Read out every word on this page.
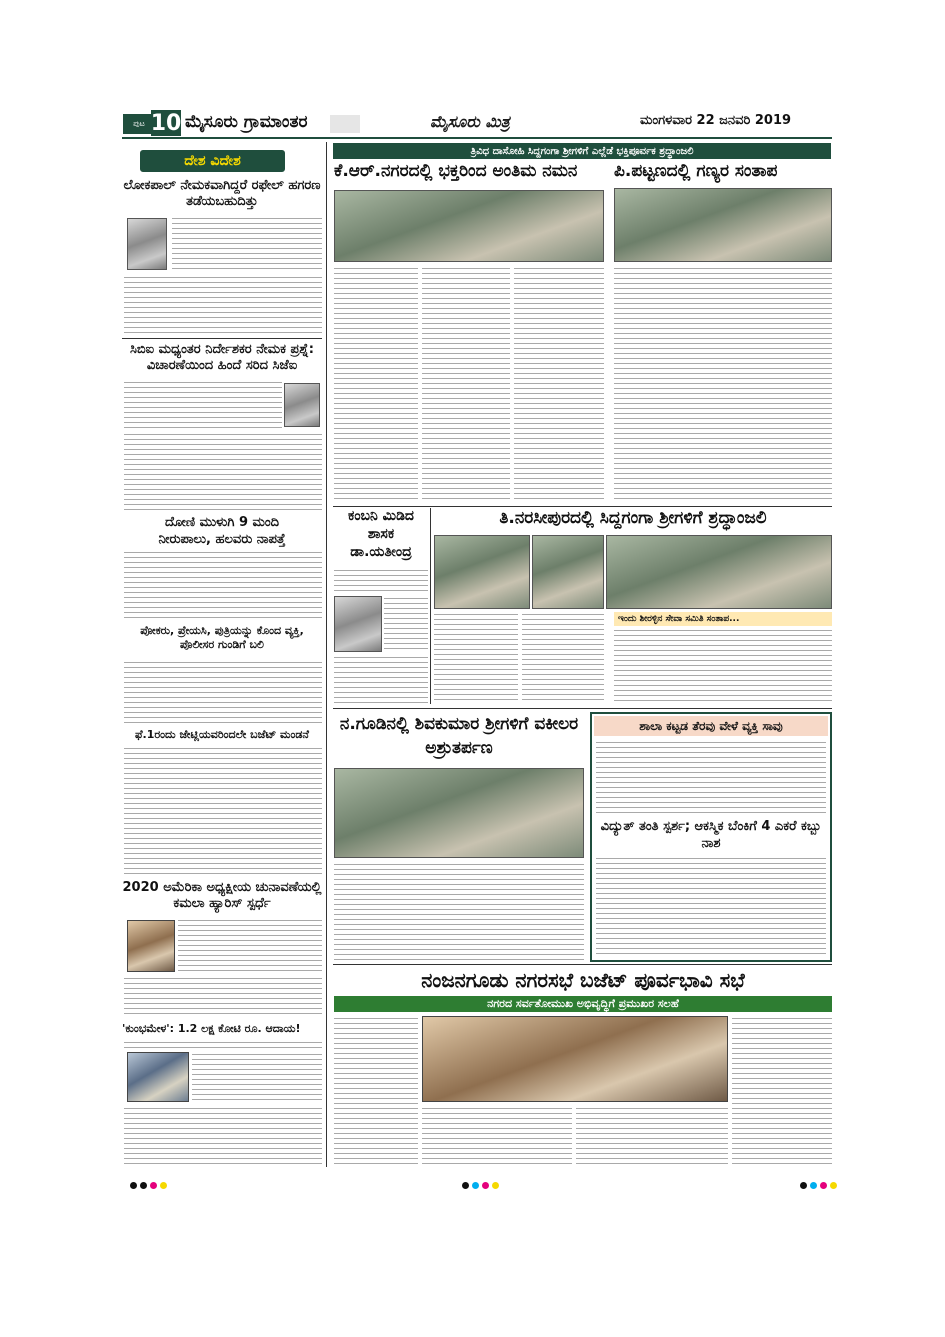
ಪುಟ 10 ಮೈಸೂರು ಗ್ರಾಮಾಂತರ	ಮೈಸೂರು ಮಿತ್ರ	ಮಂಗಳವಾರ 22 ಜನವರಿ 2019
ದೇಶ ವಿದೇಶ
ಲೋಕಪಾಲ್ ನೇಮಕವಾಗಿದ್ದರೆ ರಫೇಲ್ ಹಗರಣ ತಡೆಯಬಹುದಿತ್ತು
ಸಿಬಿಐ ಮಧ್ಯಂತರ ನಿರ್ದೇಶಕರ ನೇಮಕ ಪ್ರಶ್ನೆ: ವಿಚಾರಣೆಯಿಂದ ಹಿಂದೆ ಸರಿದ ಸಿಜೆಐ
ದೋಣಿ ಮುಳುಗಿ 9 ಮಂದಿ
ನೀರುಪಾಲು, ಹಲವರು ನಾಪತ್ತೆ
ಪೋಕರು, ಪ್ರೇಯಸಿ, ಪುತ್ರಿಯನ್ನು ಕೊಂದ ವ್ಯಕ್ತಿ, ಪೊಲೀಸರ ಗುಂಡಿಗೆ ಬಲಿ
ಫೆ.1ರಂದು ಜೇಟ್ಲಿಯವರಿಂದಲೇ ಬಜೆಟ್ ಮಂಡನೆ
2020 ಅಮೆರಿಕಾ ಅಧ್ಯಕ್ಷೀಯ ಚುನಾವಣೆಯಲ್ಲಿ ಕಮಲಾ ಹ್ಯಾರಿಸ್ ಸ್ಪರ್ಧೆ
'ಕುಂಭಮೇಳ': 1.2 ಲಕ್ಷ ಕೋಟಿ ರೂ. ಆದಾಯ!
ತ್ರಿವಿಧ ದಾಸೋಹಿ ಸಿದ್ದಗಂಗಾ ಶ್ರೀಗಳಿಗೆ ಎಲ್ಲೆಡೆ ಭಕ್ತಿಪೂರ್ವಕ ಶ್ರದ್ಧಾಂಜಲಿ
ಕೆ.ಆರ್.ನಗರದಲ್ಲಿ ಭಕ್ತರಿಂದ ಅಂತಿಮ ನಮನ	ಪಿ.ಪಟ್ಟಣದಲ್ಲಿ ಗಣ್ಯರ ಸಂತಾಪ
ಕಂಬನಿ ಮಿಡಿದ
ಶಾಸಕ
ಡಾ.ಯತೀಂದ್ರ
ತಿ.ನರಸೀಪುರದಲ್ಲಿ ಸಿದ್ದಗಂಗಾ ಶ್ರೀಗಳಿಗೆ ಶ್ರದ್ಧಾಂಜಲಿ
ಇಂದು ಶೀರಳ್ಳಿನ ಸೇವಾ ಸಮಿತಿ ಸಂತಾಪ...
ನ.ಗೂಡಿನಲ್ಲಿ ಶಿವಕುಮಾರ ಶ್ರೀಗಳಿಗೆ ವಕೀಲರ ಅಶ್ರುತರ್ಪಣ
ಶಾಲಾ ಕಟ್ಟಡ ತೆರವು ವೇಳೆ ವ್ಯಕ್ತಿ ಸಾವು
ವಿದ್ಯುತ್ ತಂತಿ ಸ್ಪರ್ಶ; ಆಕಸ್ಮಿಕ ಬೆಂಕಿಗೆ 4 ಎಕರೆ ಕಬ್ಬು ನಾಶ
ನಂಜನಗೂಡು ನಗರಸಭೆ ಬಜೆಟ್ ಪೂರ್ವಭಾವಿ ಸಭೆ
ನಗರದ ಸರ್ವತೋಮುಖ ಅಭಿವೃದ್ಧಿಗೆ ಪ್ರಮುಖರ ಸಲಹೆ
